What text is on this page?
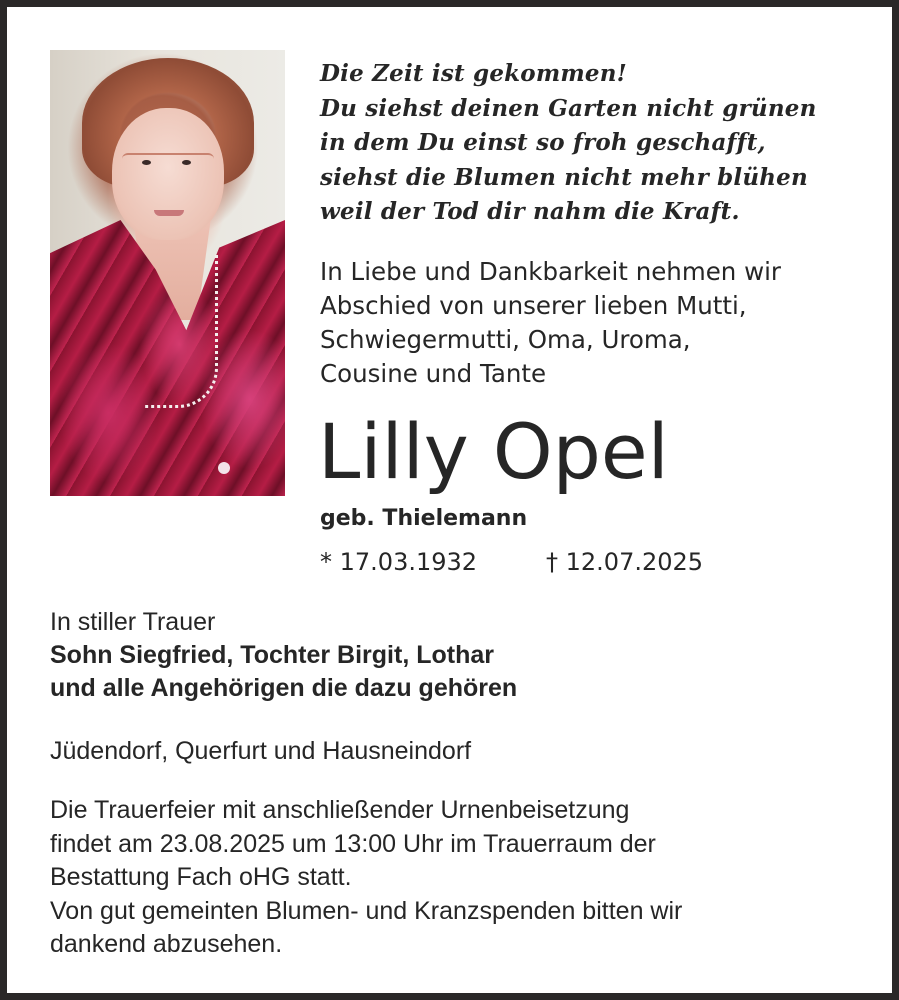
Die Zeit ist gekommen!
Du siehst deinen Garten nicht grünen
in dem Du einst so froh geschafft,
siehst die Blumen nicht mehr blühen
weil der Tod dir nahm die Kraft.
In Liebe und Dankbarkeit nehmen wir
Abschied von unserer lieben Mutti,
Schwiegermutti, Oma, Uroma,
Cousine und Tante
Lilly Opel
geb. Thielemann
* 17.03.1932	† 12.07.2025
In stiller Trauer
Sohn Siegfried, Tochter Birgit, Lothar
und alle Angehörigen die dazu gehören
Jüdendorf, Querfurt und Hausneindorf
Die Trauerfeier mit anschließender Urnenbeisetzung
findet am 23.08.2025 um 13:00 Uhr im Trauerraum der
Bestattung Fach oHG statt.
Von gut gemeinten Blumen- und Kranzspenden bitten wir
dankend abzusehen.
